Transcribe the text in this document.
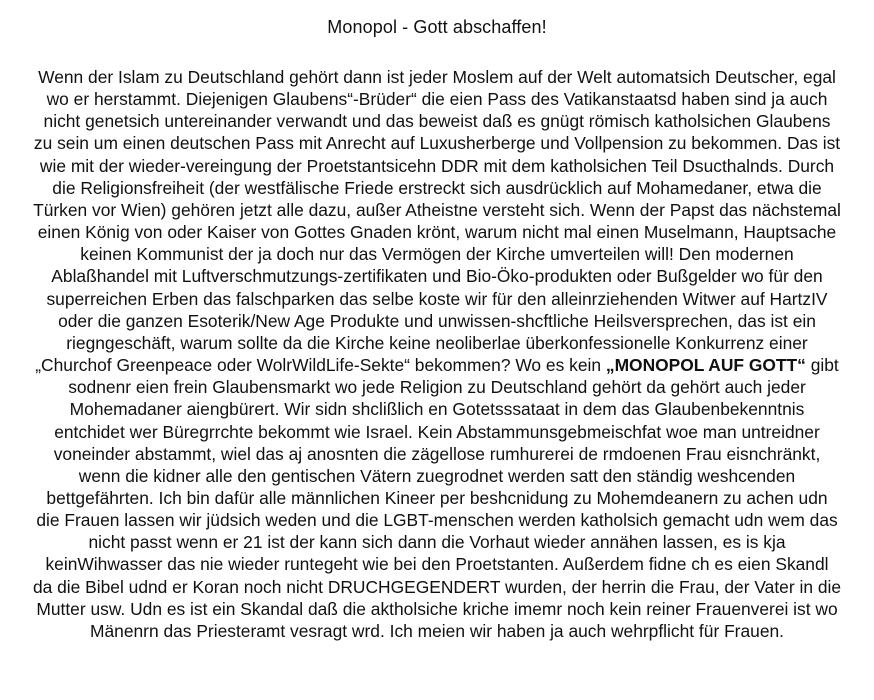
Monopol - Gott abschaffen!
Wenn der Islam zu Deutschland gehört dann ist jeder Moslem auf der Welt automatsich Deutscher, egal
wo er herstammt. Diejenigen Glaubens“-Brüder“ die eien Pass des Vatikanstaatsd haben sind ja auch
nicht genetsich untereinander verwandt und das beweist daß es gnügt römisch katholsichen Glaubens
zu sein um einen deutschen Pass mit Anrecht auf Luxusherberge und Vollpension zu bekommen. Das ist
wie mit der wieder-vereingung der Proetstantsicehn DDR mit dem katholsichen Teil Dsucthalnds. Durch
die Religionsfreiheit (der westfälische Friede erstreckt sich ausdrücklich auf Mohamedaner, etwa die
Türken vor Wien) gehören jetzt alle dazu, außer Atheistne versteht sich. Wenn der Papst das nächstemal
einen König von oder Kaiser von Gottes Gnaden krönt, warum nicht mal einen Muselmann, Hauptsache
keinen Kommunist der ja doch nur das Vermögen der Kirche umverteilen will! Den modernen
Ablaßhandel mit Luftverschmutzungs-zertifikaten und Bio-Öko-produkten oder Bußgelder wo für den
superreichen Erben das falschparken das selbe koste wir für den alleinrziehenden Witwer auf HartzIV
oder die ganzen Esoterik/New Age Produkte und unwissen-shcftliche Heilsversprechen, das ist ein
riegngeschäft, warum sollte da die Kirche keine neoliberlae überkonfessionelle Konkurrenz einer
„Churchof Greenpeace oder WolrWildLife-Sekte“ bekommen? Wo es kein „MONOPOL AUF GOTT“ gibt
sodnenr eien frein Glaubensmarkt wo jede Religion zu Deutschland gehört da gehört auch jeder
Mohemadaner aiengbürert. Wir sidn shclißlich en Gotetsssataat in dem das Glaubenbekenntnis
entchidet wer Büregrrchte bekommt wie Israel. Kein Abstammunsgebmeischfat woe man untreidner
voneinder abstammt, wiel das aj anosnten die zägellose rumhurerei de rmdoenen Frau eisnchränkt,
wenn die kidner alle den gentischen Vätern zuegrodnet werden satt den ständig weshcenden
bettgefährten. Ich bin dafür alle männlichen Kineer per beshcnidung zu Mohemdeanern zu achen udn
die Frauen lassen wir jüdsich weden und die LGBT-menschen werden katholsich gemacht udn wem das
nicht passt wenn er 21 ist der kann sich dann die Vorhaut wieder annähen lassen, es is kja
keinWihwasser das nie wieder runtegeht wie bei den Proetstanten. Außerdem fidne ch es eien Skandl
da die Bibel udnd er Koran noch nicht DRUCHGEGENDERT wurden, der herrin die Frau, der Vater in die
Mutter usw. Udn es ist ein Skandal daß die aktholsiche kriche imemr noch kein reiner Frauenverei ist wo
Mänenrn das Priesteramt vesragt wrd. Ich meien wir haben ja auch wehrpflicht für Frauen.
